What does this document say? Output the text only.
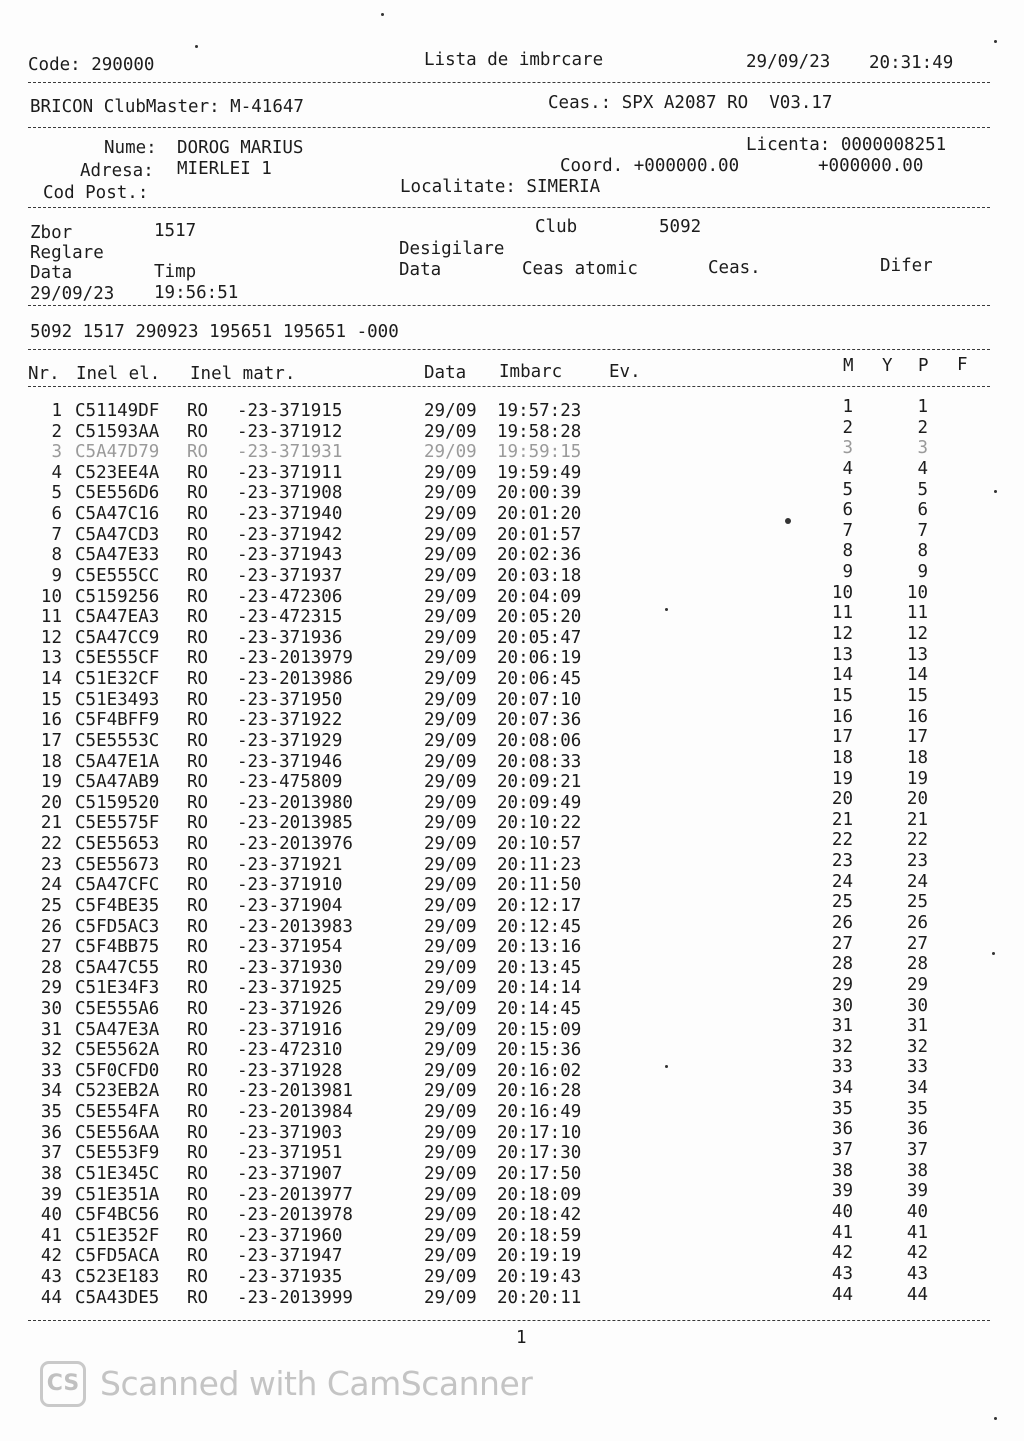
Code: 290000	Lista de imbrcare	29/09/23 20:31:49
BRICON ClubMaster: M-41647	Ceas.: SPX A2087 RO  V03.17
Nume: DOROG MARIUS	Licenta: 0000008251
Adresa: MIERLEI 1	Coord. +000000.00	+000000.00
Cod Post.:	Localitate: SIMERIA
Zbor	1517	Club	5092
Reglare	Desigilare
Data	Timp	Data	Ceas atomic	Ceas.	Difer
29/09/23 19:56:51
5092 1517 290923 195651 195651 -000
Nr. Inel el. Inel matr.	Data Imbarc	Ev.	M Y P F
1 C51149DF RO -23-371915	29/09 19:57:23	1	1
2 C51593AA RO -23-371912	29/09 19:58:28	2	2
3 C5A47D79 RO -23-371931	29/09 19:59:15	3	3
4 C523EE4A RO -23-371911	29/09 19:59:49	4	4
5 C5E556D6 RO -23-371908	29/09 20:00:39	5	5
6 C5A47C16 RO -23-371940	29/09 20:01:20	6	6
7 C5A47CD3 RO -23-371942	29/09 20:01:57	7	7
8 C5A47E33 RO -23-371943	29/09 20:02:36	8	8
9 C5E555CC RO -23-371937	29/09 20:03:18	9	9
10 C5159256 RO -23-472306	29/09 20:04:09	10	10
11 C5A47EA3 RO -23-472315	29/09 20:05:20	11	11
12 C5A47CC9 RO -23-371936	29/09 20:05:47	12	12
13 C5E555CF RO -23-2013979	29/09 20:06:19	13	13
14 C51E32CF RO -23-2013986	29/09 20:06:45	14	14
15 C51E3493 RO -23-371950	29/09 20:07:10	15	15
16 C5F4BFF9 RO -23-371922	29/09 20:07:36	16	16
17 C5E5553C RO -23-371929	29/09 20:08:06	17	17
18 C5A47E1A RO -23-371946	29/09 20:08:33	18	18
19 C5A47AB9 RO -23-475809	29/09 20:09:21	19	19
20 C5159520 RO -23-2013980	29/09 20:09:49	20	20
21 C5E5575F RO -23-2013985	29/09 20:10:22	21	21
22 C5E55653 RO -23-2013976	29/09 20:10:57	22	22
23 C5E55673 RO -23-371921	29/09 20:11:23	23	23
24 C5A47CFC RO -23-371910	29/09 20:11:50	24	24
25 C5F4BE35 RO -23-371904	29/09 20:12:17	25	25
26 C5FD5AC3 RO -23-2013983	29/09 20:12:45	26	26
27 C5F4BB75 RO -23-371954	29/09 20:13:16	27	27
28 C5A47C55 RO -23-371930	29/09 20:13:45	28	28
29 C51E34F3 RO -23-371925	29/09 20:14:14	29	29
30 C5E555A6 RO -23-371926	29/09 20:14:45	30	30
31 C5A47E3A RO -23-371916	29/09 20:15:09	31	31
32 C5E5562A RO -23-472310	29/09 20:15:36	32	32
33 C5F0CFD0 RO -23-371928	29/09 20:16:02	33	33
34 C523EB2A RO -23-2013981	29/09 20:16:28	34	34
35 C5E554FA RO -23-2013984	29/09 20:16:49	35	35
36 C5E556AA RO -23-371903	29/09 20:17:10	36	36
37 C5E553F9 RO -23-371951	29/09 20:17:30	37	37
38 C51E345C RO -23-371907	29/09 20:17:50	38	38
39 C51E351A RO -23-2013977	29/09 20:18:09	39	39
40 C5F4BC56 RO -23-2013978	29/09 20:18:42	40	40
41 C51E352F RO -23-371960	29/09 20:18:59	41	41
42 C5FD5ACA RO -23-371947	29/09 20:19:19	42	42
43 C523E183 RO -23-371935	29/09 20:19:43	43	43
44 C5A43DE5 RO -23-2013999	29/09 20:20:11	44	44
1
CS Scanned with CamScanner
